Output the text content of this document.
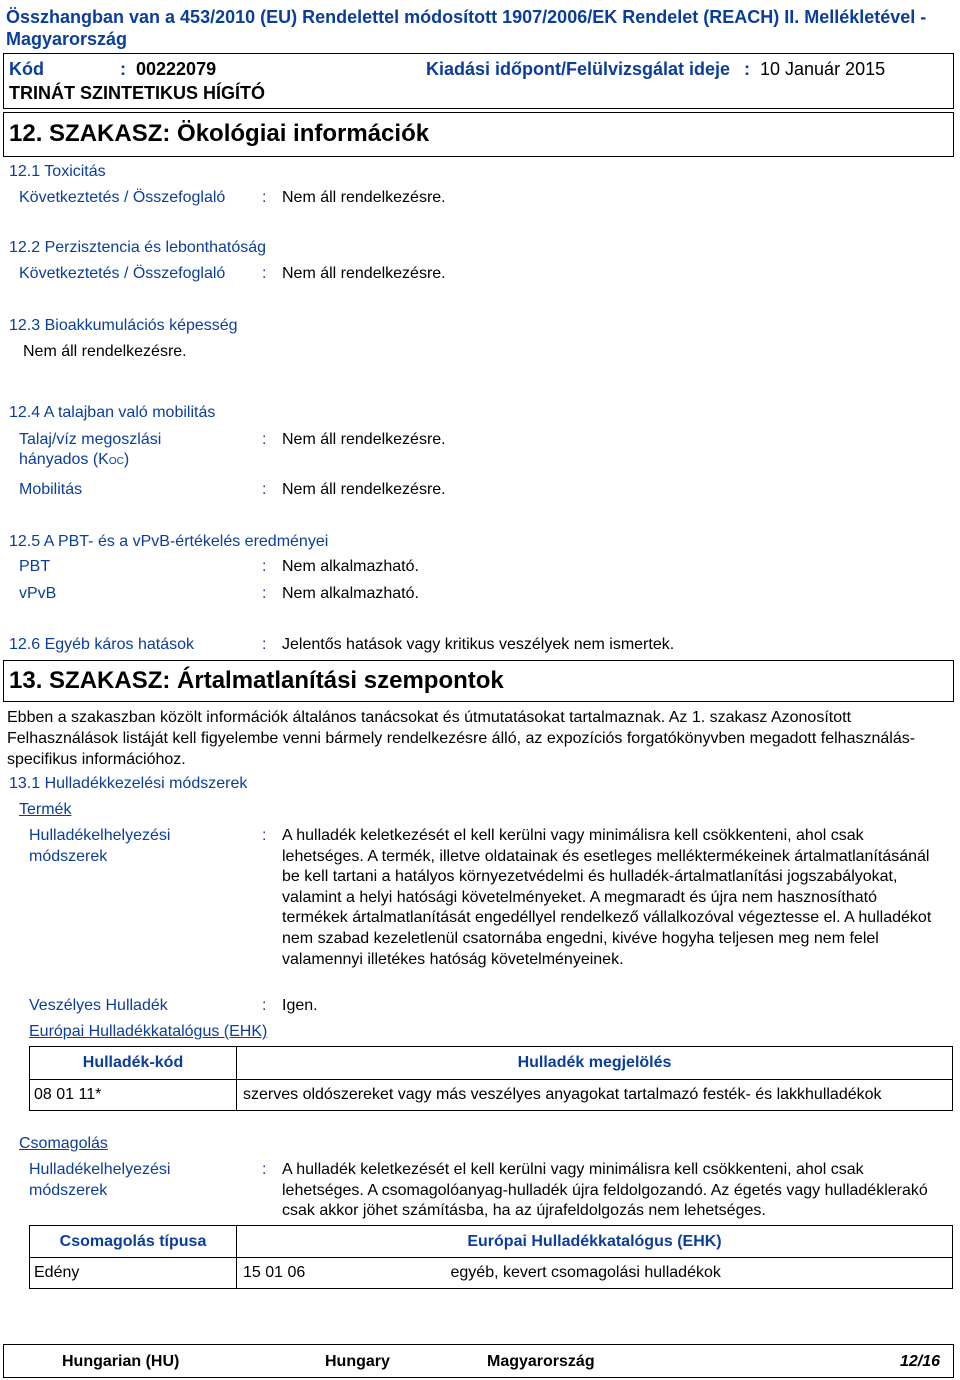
Összhangban van a 453/2010 (EU) Rendelettel módosított 1907/2006/EK Rendelet (REACH) II. Mellékletével - Magyarország
Kód	: 00222079	Kiadási időpont/Felülvizsgálat ideje : 10 Január 2015
TRINÁT SZINTETIKUS HÍGÍTÓ
12. SZAKASZ: Ökológiai információk
12.1 Toxicitás
Következtetés / Összefoglaló : Nem áll rendelkezésre.
12.2 Perzisztencia és lebonthatóság
Következtetés / Összefoglaló : Nem áll rendelkezésre.
12.3 Bioakkumulációs képesség
Nem áll rendelkezésre.
12.4 A talajban való mobilitás
Talaj/víz megoszlási
hányados (KOC)
: Nem áll rendelkezésre.
Mobilitás	: Nem áll rendelkezésre.
12.5 A PBT- és a vPvB-értékelés eredményei
PBT	: Nem alkalmazható.
vPvB	: Nem alkalmazható.
12.6 Egyéb káros hatások	: Jelentős hatások vagy kritikus veszélyek nem ismertek.
13. SZAKASZ: Ártalmatlanítási szempontok
Ebben a szakaszban közölt információk általános tanácsokat és útmutatásokat tartalmaznak. Az 1. szakasz Azonosított Felhasználások listáját kell figyelembe venni bármely rendelkezésre álló, az expozíciós forgatókönyvben megadott felhasználás-specifikus információhoz.
13.1 Hulladékkezelési módszerek
Termék
Hulladékelhelyezési
módszerek
: A hulladék keletkezését el kell kerülni vagy minimálisra kell csökkenteni, ahol csak lehetséges. A termék, illetve oldatainak és esetleges melléktermékeinek ártalmatlanításánál be kell tartani a hatályos környezetvédelmi és hulladék-ártalmatlanítási jogszabályokat, valamint a helyi hatósági követelményeket. A megmaradt és újra nem hasznosítható termékek ártalmatlanítását engedéllyel rendelkező vállalkozóval végeztesse el. A hulladékot nem szabad kezeletlenül csatornába engedni, kivéve hogyha teljesen meg nem felel valamennyi illetékes hatóság követelményeinek.
Veszélyes Hulladék	: Igen.
Európai Hulladékkatalógus (EHK)
Hulladék-kód	Hulladék megjelölés
08 01 11*	szerves oldószereket vagy más veszélyes anyagokat tartalmazó festék- és lakkhulladékok
Csomagolás
Hulladékelhelyezési
módszerek
: A hulladék keletkezését el kell kerülni vagy minimálisra kell csökkenteni, ahol csak lehetséges. A csomagolóanyag-hulladék újra feldolgozandó. Az égetés vagy hulladéklerakó csak akkor jöhet számításba, ha az újrafeldolgozás nem lehetséges.
Csomagolás típusa	Európai Hulladékkatalógus (EHK)	
Edény	15 01 06	egyéb, kevert csomagolási hulladékok
Hungarian (HU)	Hungary	Magyarország	12/16
